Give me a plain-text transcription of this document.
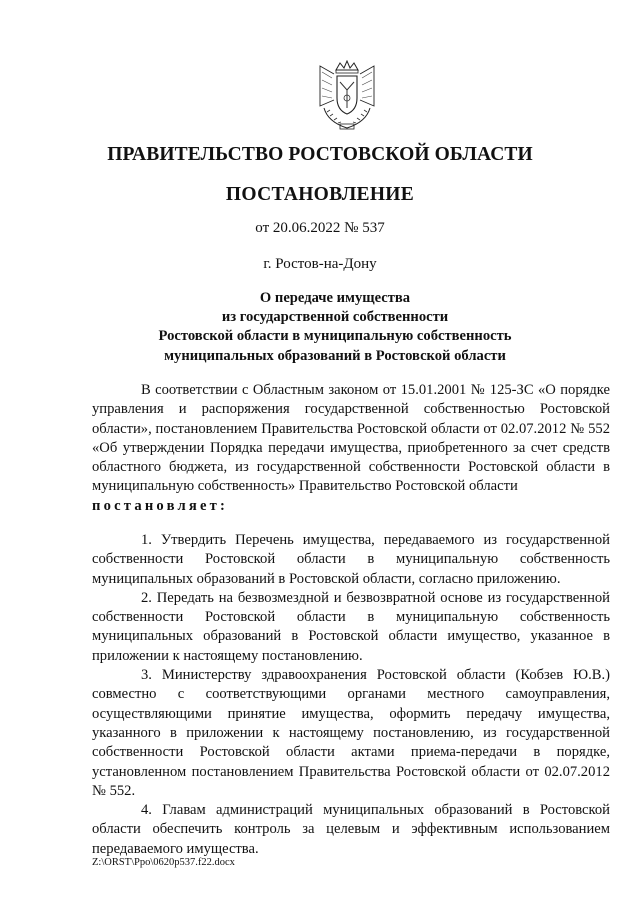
ПРАВИТЕЛЬСТВО РОСТОВСКОЙ ОБЛАСТИ
ПОСТАНОВЛЕНИЕ
от 20.06.2022 № 537
г. Ростов-на-Дону
О передаче имущества
из государственной собственности
Ростовской области в муниципальную собственность
муниципальных образований в Ростовской области
В соответствии с Областным законом от 15.01.2001 № 125-ЗС «О порядке управления и распоряжения государственной собственностью Ростовской области», постановлением Правительства Ростовской области от 02.07.2012 № 552 «Об утверждении Порядка передачи имущества, приобретенного за счет средств областного бюджета, из государственной собственности Ростовской области в муниципальную собственность» Правительство Ростовской области
постановляет:
1. Утвердить Перечень имущества, передаваемого из государственной собственности Ростовской области в муниципальную собственность муниципальных образований в Ростовской области, согласно приложению.
2. Передать на безвозмездной и безвозвратной основе из государственной собственности Ростовской области в муниципальную собственность муниципальных образований в Ростовской области имущество, указанное в приложении к настоящему постановлению.
3. Министерству здравоохранения Ростовской области (Кобзев Ю.В.) совместно с соответствующими органами местного самоуправления, осуществляющими принятие имущества, оформить передачу имущества, указанного в приложении к настоящему постановлению, из государственной собственности Ростовской области актами приема-передачи в порядке, установленном постановлением Правительства Ростовской области от 02.07.2012 № 552.
4. Главам администраций муниципальных образований в Ростовской области обеспечить контроль за целевым и эффективным использованием передаваемого имущества.
Z:\ORST\Ppo\0620p537.f22.docx
